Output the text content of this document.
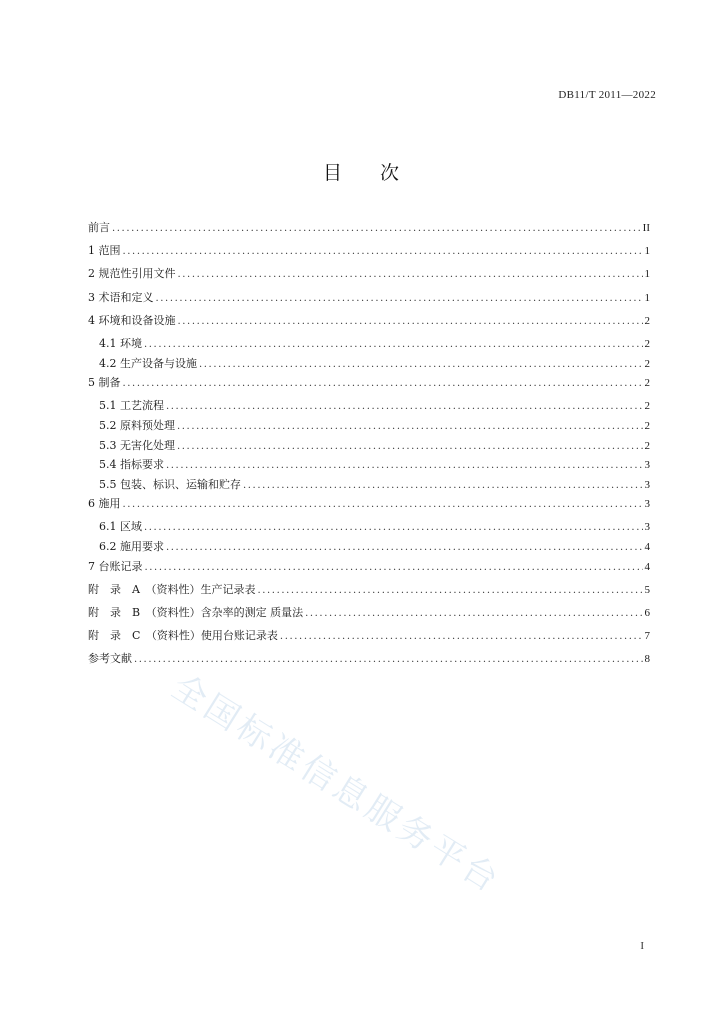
DB11/T 2011—2022
目 次
前言 .....	II
1 范围 .....	1
2 规范性引用文件 .....	1
3 术语和定义 .....	1
4 环境和设备设施 .....	2
4.1 环境 .....	2
4.2 生产设备与设施 .....	2
5 制备 .....	2
5.1 工艺流程 .....	2
5.2 原料预处理 .....	2
5.3 无害化处理 .....	2
5.4 指标要求 .....	3
5.5 包装、标识、运输和贮存 .....	3
6 施用 .....	3
6.1 区域 .....	3
6.2 施用要求 .....	4
7 台账记录 .....	4
附　录　A　（资料性）生产记录表 .....	5
附　录　B　（资料性）含杂率的测定 质量法 .....	6
附　录　C　（资料性）使用台账记录表 .....	7
参考文献 .....	8
全国标准信息服务平台
I
